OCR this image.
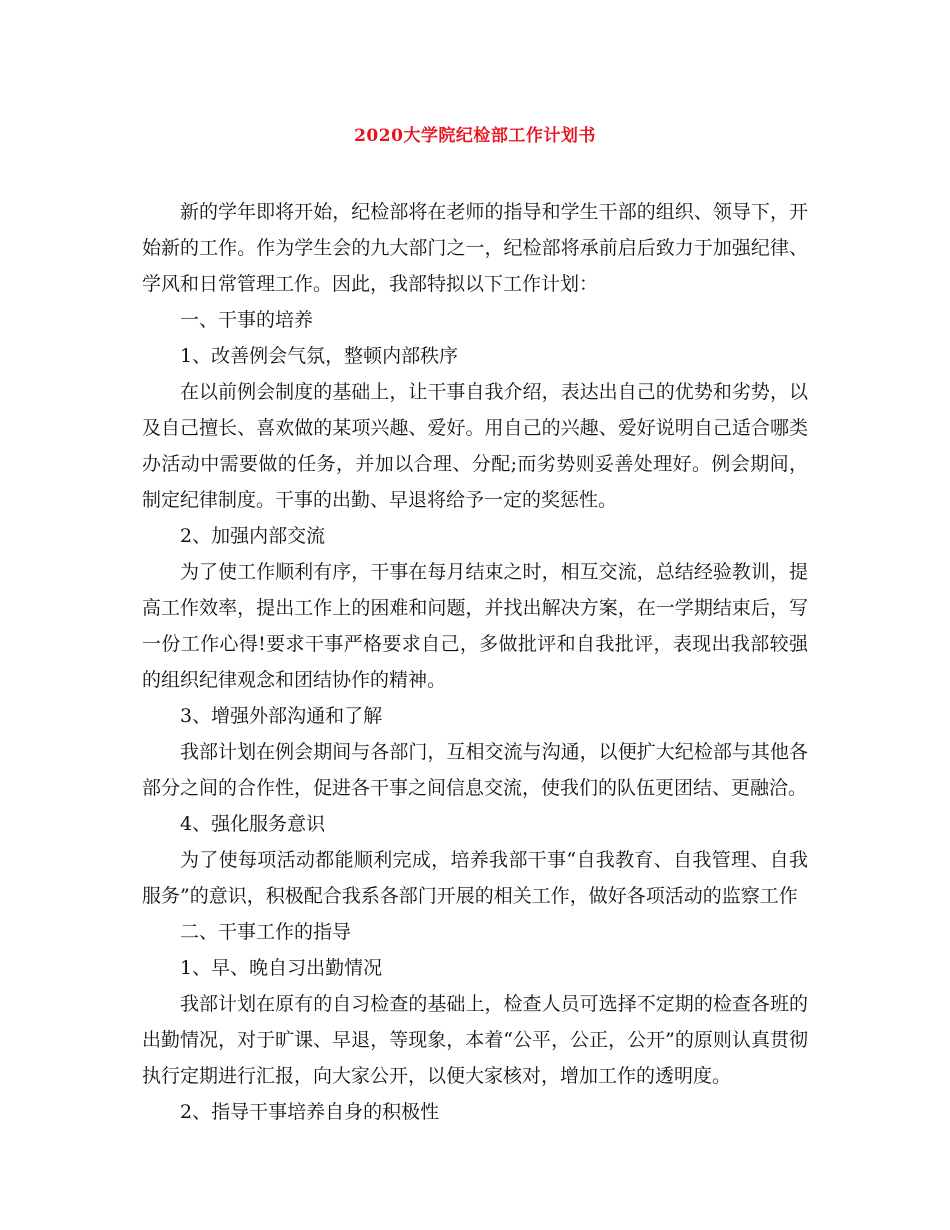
2020大学院纪检部工作计划书

新的学年即将开始，纪检部将在老师的指导和学生干部的组织、领导下，开始新的工作。作为学生会的九大部门之一，纪检部将承前启后致力于加强纪律、学风和日常管理工作。因此，我部特拟以下工作计划：

一、干事的培养

1、改善例会气氛，整顿内部秩序

在以前例会制度的基础上，让干事自我介绍，表达出自己的优势和劣势，以及自己擅长、喜欢做的某项兴趣、爱好。用自己的兴趣、爱好说明自己适合哪类办活动中需要做的任务，并加以合理、分配;而劣势则妥善处理好。例会期间，制定纪律制度。干事的出勤、早退将给予一定的奖惩性。

2、加强内部交流

为了使工作顺利有序，干事在每月结束之时，相互交流，总结经验教训，提高工作效率，提出工作上的困难和问题，并找出解决方案，在一学期结束后，写一份工作心得!要求干事严格要求自己，多做批评和自我批评，表现出我部较强的组织纪律观念和团结协作的精神。

3、增强外部沟通和了解

我部计划在例会期间与各部门，互相交流与沟通，以便扩大纪检部与其他各部分之间的合作性，促进各干事之间信息交流，使我们的队伍更团结、更融洽。

4、强化服务意识

为了使每项活动都能顺利完成，培养我部干事“自我教育、自我管理、自我服务”的意识，积极配合我系各部门开展的相关工作，做好各项活动的监察工作

二、干事工作的指导

1、早、晚自习出勤情况

我部计划在原有的自习检查的基础上，检查人员可选择不定期的检查各班的出勤情况，对于旷课、早退，等现象，本着“公平，公正，公开”的原则认真贯彻执行定期进行汇报，向大家公开，以便大家核对，增加工作的透明度。

2、指导干事培养自身的积极性
